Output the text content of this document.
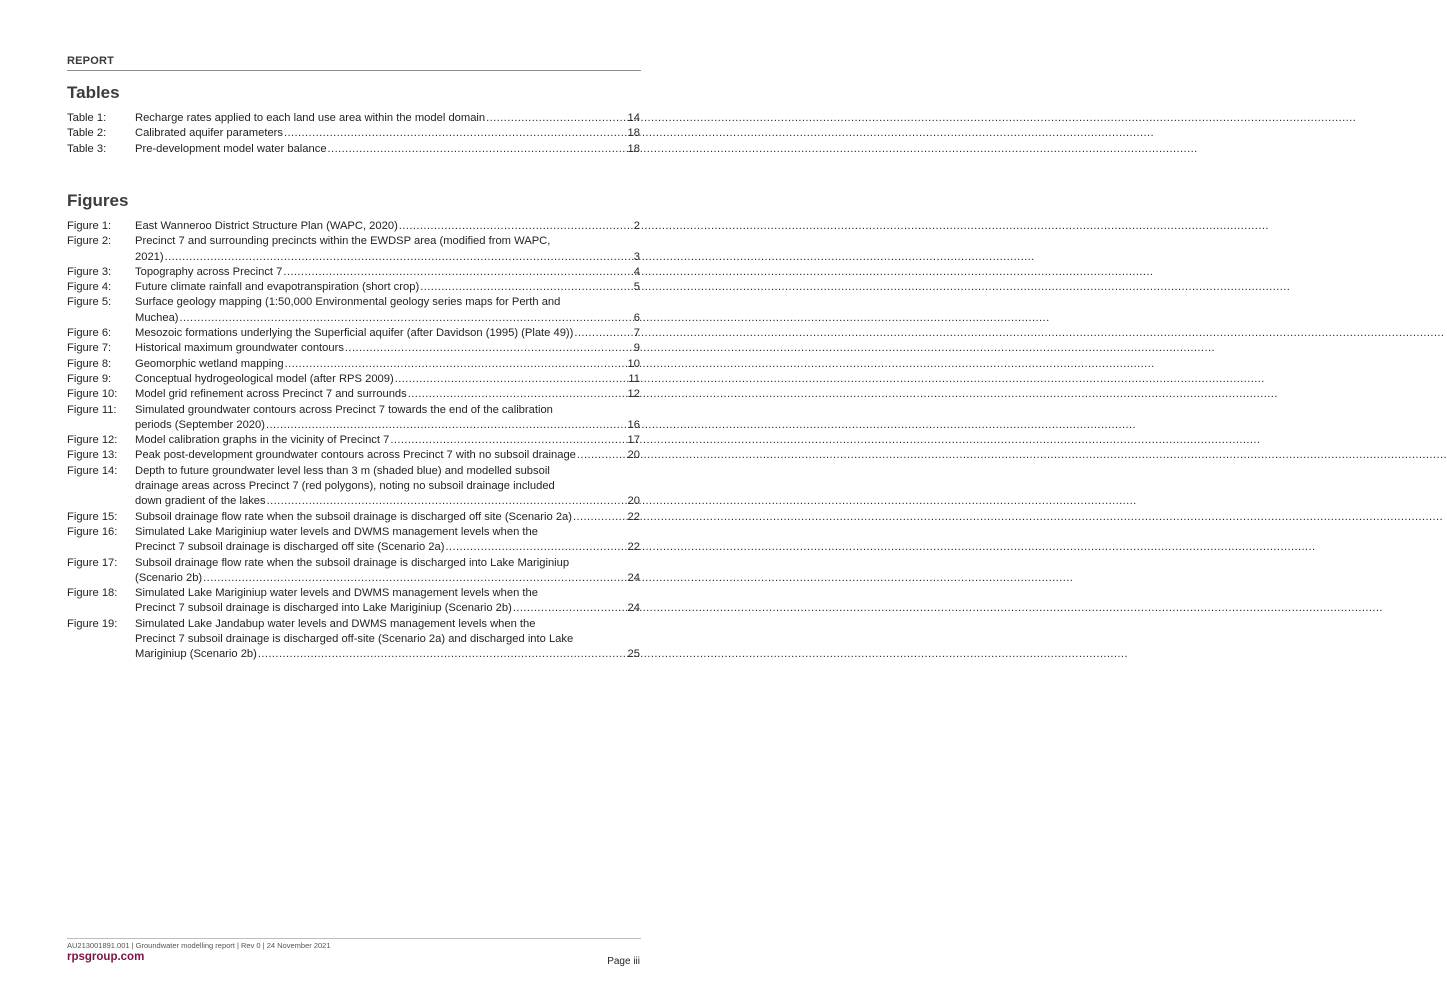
REPORT
Tables
Table 1:	Recharge rates applied to each land use area within the model domain .....	14
Table 2:	Calibrated aquifer parameters .....	18
Table 3:	Pre-development model water balance .....	18
Figures
Figure 1:	East Wanneroo District Structure Plan (WAPC, 2020) .....	2
Figure 2:	Precinct 7 and surrounding precincts within the EWDSP area (modified from WAPC,
2021) .....	3
Figure 3:	Topography across Precinct 7 .....	4
Figure 4:	Future climate rainfall and evapotranspiration (short crop) .....	5
Figure 5:	Surface geology mapping (1:50,000 Environmental geology series maps for Perth and
Muchea) .....	6
Figure 6:	Mesozoic formations underlying the Superficial aquifer (after Davidson (1995) (Plate 49)) .....	7
Figure 7:	Historical maximum groundwater contours .....	9
Figure 8:	Geomorphic wetland mapping .....	10
Figure 9:	Conceptual hydrogeological model (after RPS 2009) .....	11
Figure 10:	Model grid refinement across Precinct 7 and surrounds .....	12
Figure 11:	Simulated groundwater contours across Precinct 7 towards the end of the calibration
periods (September 2020) .....	16
Figure 12:	Model calibration graphs in the vicinity of Precinct 7 .....	17
Figure 13:	Peak post-development groundwater contours across Precinct 7 with no subsoil drainage .....	20
Figure 14:	Depth to future groundwater level less than 3 m (shaded blue) and modelled subsoil
drainage areas across Precinct 7 (red polygons), noting no subsoil drainage included
down gradient of the lakes .....	20
Figure 15:	Subsoil drainage flow rate when the subsoil drainage is discharged off site (Scenario 2a) .....	22
Figure 16:	Simulated Lake Mariginiup water levels and DWMS management levels when the
Precinct 7 subsoil drainage is discharged off site (Scenario 2a) .....	22
Figure 17:	Subsoil drainage flow rate when the subsoil drainage is discharged into Lake Mariginiup
(Scenario 2b) .....	24
Figure 18:	Simulated Lake Mariginiup water levels and DWMS management levels when the
Precinct 7 subsoil drainage is discharged into Lake Mariginiup (Scenario 2b) .....	24
Figure 19:	Simulated Lake Jandabup water levels and DWMS management levels when the
Precinct 7 subsoil drainage is discharged off-site (Scenario 2a) and discharged into Lake
Mariginiup (Scenario 2b) .....	25
AU213001891.001 | Groundwater modelling report | Rev 0 | 24 November 2021
rpsgroup.com	Page iii
